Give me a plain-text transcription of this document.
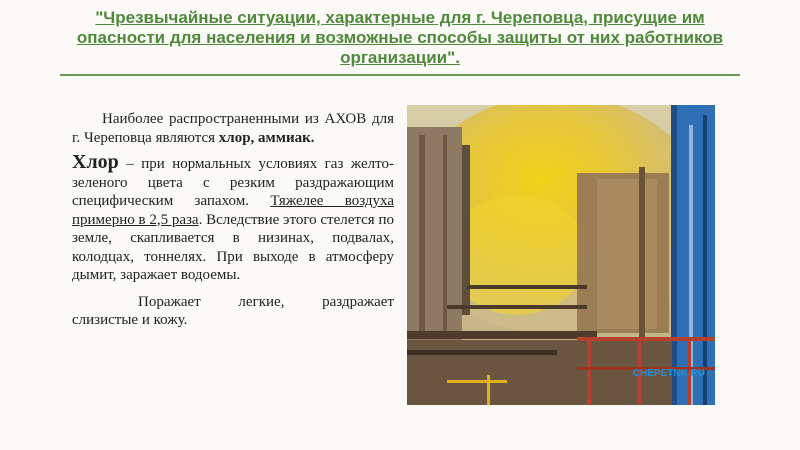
"Чрезвычайные ситуации, характерные для г. Череповца, присущие им опасности для населения и возможные способы защиты от них работников организации".

Наиболее распространенными из АХОВ для г. Череповца являются хлор, аммиак.

Хлор – при нормальных условиях газ желто-зеленого цвета с резким раздражающим специфическим запахом. Тяжелее воздуха примерно в 2,5 раза. Вследствие этого стелется по земле, скапливается в низинах, подвалах, колодцах, тоннелях. При выходе в атмосферу дымит, заражает водоемы.

Поражает легкие, раздражает слизистые и кожу.

CHEPETNK.RU
